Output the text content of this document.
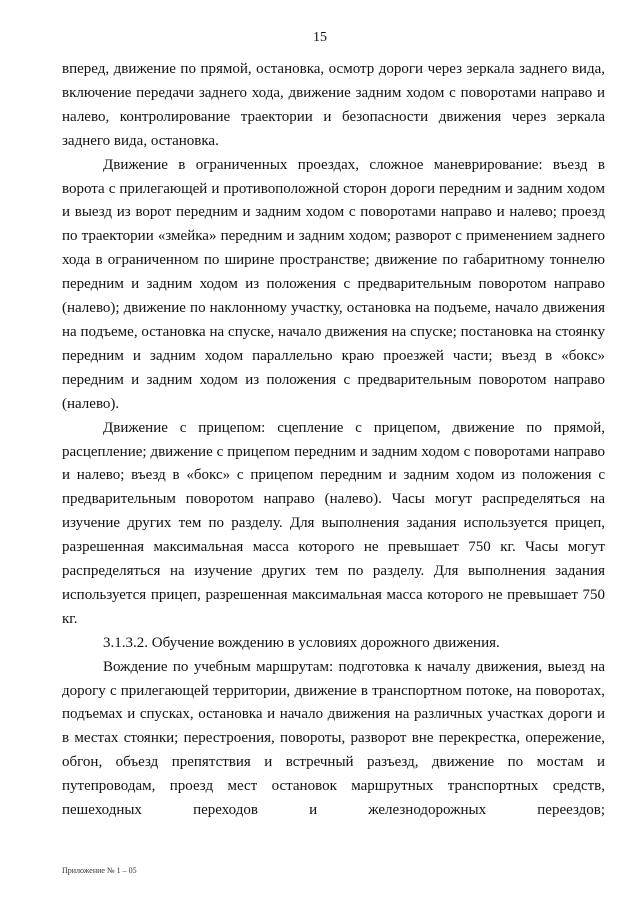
15

вперед, движение по прямой, остановка, осмотр дороги через зеркала заднего вида, включение передачи заднего хода, движение задним ходом с поворотами направо и налево, контролирование траектории и безопасности движения через зеркала заднего вида, остановка.

Движение в ограниченных проездах, сложное маневрирование: въезд в ворота с прилегающей и противоположной сторон дороги передним и задним ходом и выезд из ворот передним и задним ходом с поворотами направо и налево; проезд по траектории «змейка» передним и задним ходом; разворот с применением заднего хода в ограниченном по ширине пространстве; движение по габаритному тоннелю передним и задним ходом из положения с предварительным поворотом направо (налево); движение по наклонному участку, остановка на подъеме, начало движения на подъеме, остановка на спуске, начало движения на спуске; постановка на стоянку передним и задним ходом параллельно краю проезжей части; въезд в «бокс» передним и задним ходом из положения с предварительным поворотом направо (налево).

Движение с прицепом: сцепление с прицепом, движение по прямой, расцепление; движение с прицепом передним и задним ходом с поворотами направо и налево; въезд в «бокс» с прицепом передним и задним ходом из положения с предварительным поворотом направо (налево). Часы могут распределяться на изучение других тем по разделу. Для выполнения задания используется прицеп, разрешенная максимальная масса которого не превышает 750 кг. Часы могут распределяться на изучение других тем по разделу. Для выполнения задания используется прицеп, разрешенная максимальная масса которого не превышает 750 кг.

3.1.3.2. Обучение вождению в условиях дорожного движения.

Вождение по учебным маршрутам: подготовка к началу движения, выезд на дорогу с прилегающей территории, движение в транспортном потоке, на поворотах, подъемах и спусках, остановка и начало движения на различных участках дороги и в местах стоянки; перестроения, повороты, разворот вне перекрестка, опережение, обгон, объезд препятствия и встречный разъезд, движение по мостам и путепроводам, проезд мест остановок маршрутных транспортных средств, пешеходных переходов и железнодорожных переездов;

Приложение № 1 – 05
